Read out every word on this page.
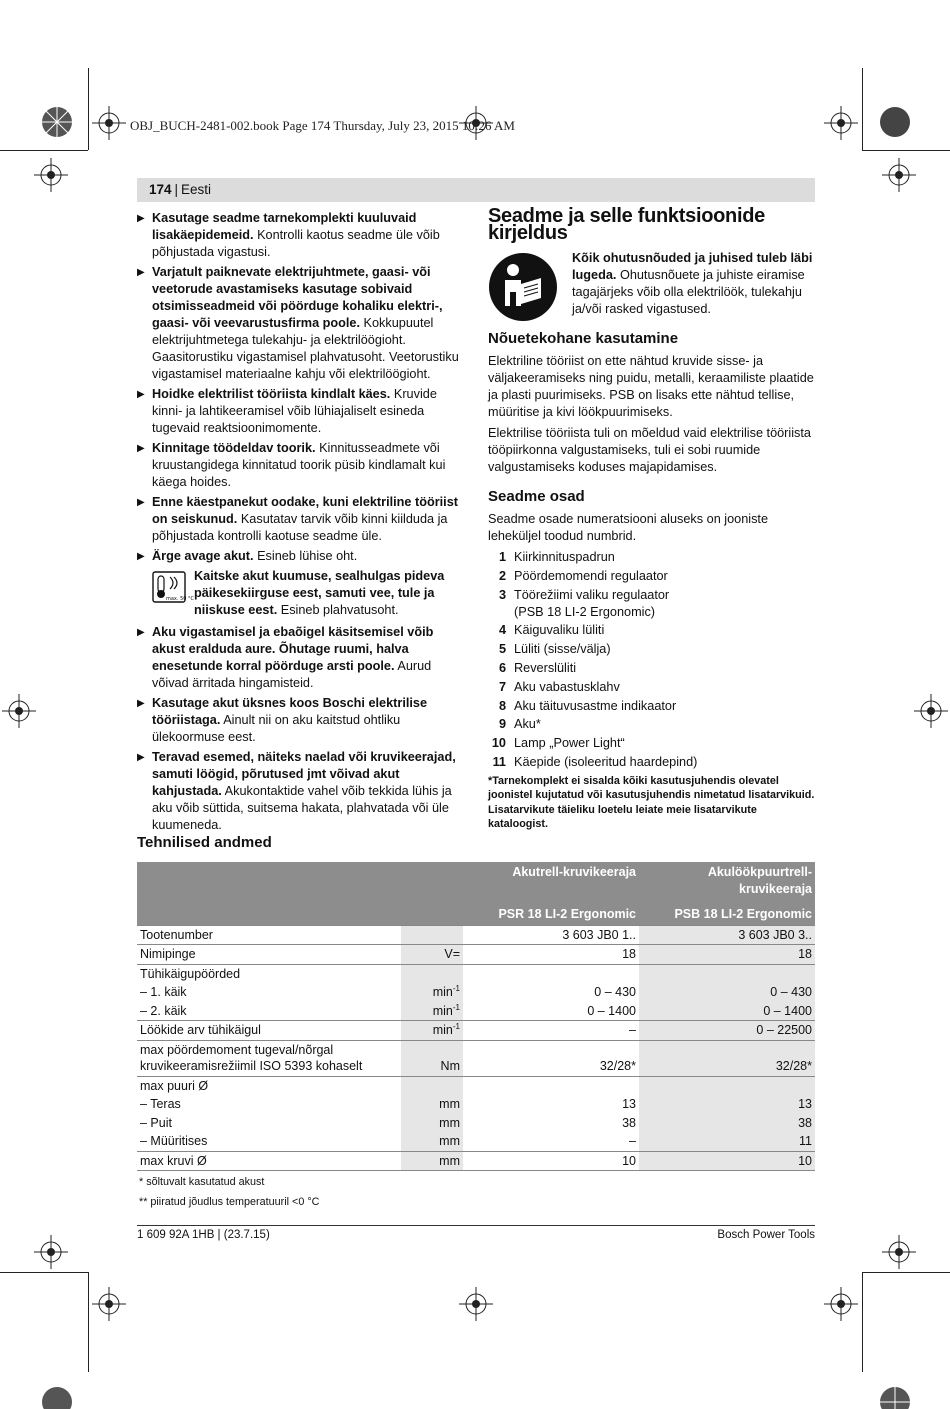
OBJ_BUCH-2481-002.book Page 174 Thursday, July 23, 2015 10:26 AM
174 | Eesti
▶ Kasutage seadme tarnekomplekti kuuluvaid lisakäepidemeid. Kontrolli kaotus seadme üle võib põhjustada vigastusi.
▶ Varjatult paiknevate elektrijuhtmete, gaasi- või veetorude avastamiseks kasutage sobivaid otsimisseadmeid või pöörduge kohaliku elektri-, gaasi- või veevarustusfirma poole. Kokkupuutel elektrijuhtmetega tulekahju- ja elektrilöögioht. Gaasitorustiku vigastamisel plahvatusoht. Veetorustiku vigastamisel materiaalne kahju või elektrilöögioht.
▶ Hoidke elektrilist tööriista kindlalt käes. Kruvide kinni- ja lahtikeeramisel võib lühiajaliselt esineda tugevaid reaktsioonimomente.
▶ Kinnitage töödeldav toorik. Kinnitusseadmete või kruustangidega kinnitatud toorik püsib kindlamalt kui käega hoides.
▶ Enne käestpanekut oodake, kuni elektriline tööriist on seiskunud. Kasutatav tarvik võib kinni kiilduda ja põhjustada kontrolli kaotuse seadme üle.
▶ Ärge avage akut. Esineb lühise oht.
max. 50 °C
Kaitske akut kuumuse, sealhulgas pideva päikesekiirguse eest, samuti vee, tule ja niiskuse eest. Esineb plahvatusoht.
▶ Aku vigastamisel ja ebaõigel käsitsemisel võib akust eralduda aure. Õhutage ruumi, halva enesetunde korral pöörduge arsti poole. Aurud võivad ärritada hingamisteid.
▶ Kasutage akut üksnes koos Boschi elektrilise tööriistaga. Ainult nii on aku kaitstud ohtliku ülekoormuse eest.
▶ Teravad esemed, näiteks naelad või kruvikeerajad, samuti löögid, põrutused jmt võivad akut kahjustada. Akukontaktide vahel võib tekkida lühis ja aku võib süttida, suitsema hakata, plahvatada või üle kuumeneda.
Seadme ja selle funktsioonide kirjeldus
Kõik ohutusnõuded ja juhised tuleb läbi lugeda. Ohutusnõuete ja juhiste eiramise tagajärjeks võib olla elektrilöök, tulekahju ja/või rasked vigastused.
Nõuetekohane kasutamine
Elektriline tööriist on ette nähtud kruvide sisse- ja väljakeeramiseks ning puidu, metalli, keraamiliste plaatide ja plasti puurimiseks. PSB on lisaks ette nähtud tellise, müüritise ja kivi löökpuurimiseks.
Elektrilise tööriista tuli on mõeldud vaid elektrilise tööriista tööpiirkonna valgustamiseks, tuli ei sobi ruumide valgustamiseks koduses majapidamises.
Seadme osad
Seadme osade numeratsiooni aluseks on jooniste leheküljel toodud numbrid.
1 Kiirkinnituspadrun
2 Pöördemomendi regulaator
3 Töörežiimi valiku regulaator
(PSB 18 LI-2 Ergonomic)
4 Käiguvaliku lüliti
5 Lüliti (sisse/välja)
6 Reverslüliti
7 Aku vabastusklahv
8 Aku täituvusastme indikaator
9 Aku*
10 Lamp „Power Light“
11 Käepide (isoleeritud haardepind)
*Tarnekomplekt ei sisalda kõiki kasutusjuhendis olevatel joonistel kujutatud või kasutusjuhendis nimetatud lisatarvikuid. Lisatarvikute täieliku loetelu leiate meie lisatarvikute kataloogist.
Tehnilised andmed
		Akutrell-kruvikeeraja	Akulöökpuurtrell-
kruvikeeraja
		PSR 18 LI-2 Ergonomic	PSB 18 LI-2 Ergonomic
Tootenumber		3 603 JB0 1..	3 603 JB0 3..
Nimipinge	V=	18	18
Tühikäigupöörded			
– 1. käik	$\min^{-1}$	0 – 430	0 – 430
– 2. käik	$\min^{-1}$	0 – 1400	0 – 1400
Löökide arv tühikäigul	$\min^{-1}$	–	0 – 22500
max pöördemoment tugeval/nõrgal
kruvikeeramisrežiimil ISO 5393 kohaselt	Nm	32/28*	32/28*
max puuri Ø			
– Teras	mm	13	13
– Puit	mm	38	38
– Müüritises	mm	–	11
max kruvi Ø	mm	10	10
* sõltuvalt kasutatud akust
** piiratud jõudlus temperatuuril <0 °C
1 609 92A 1HB | (23.7.15)	Bosch Power Tools
